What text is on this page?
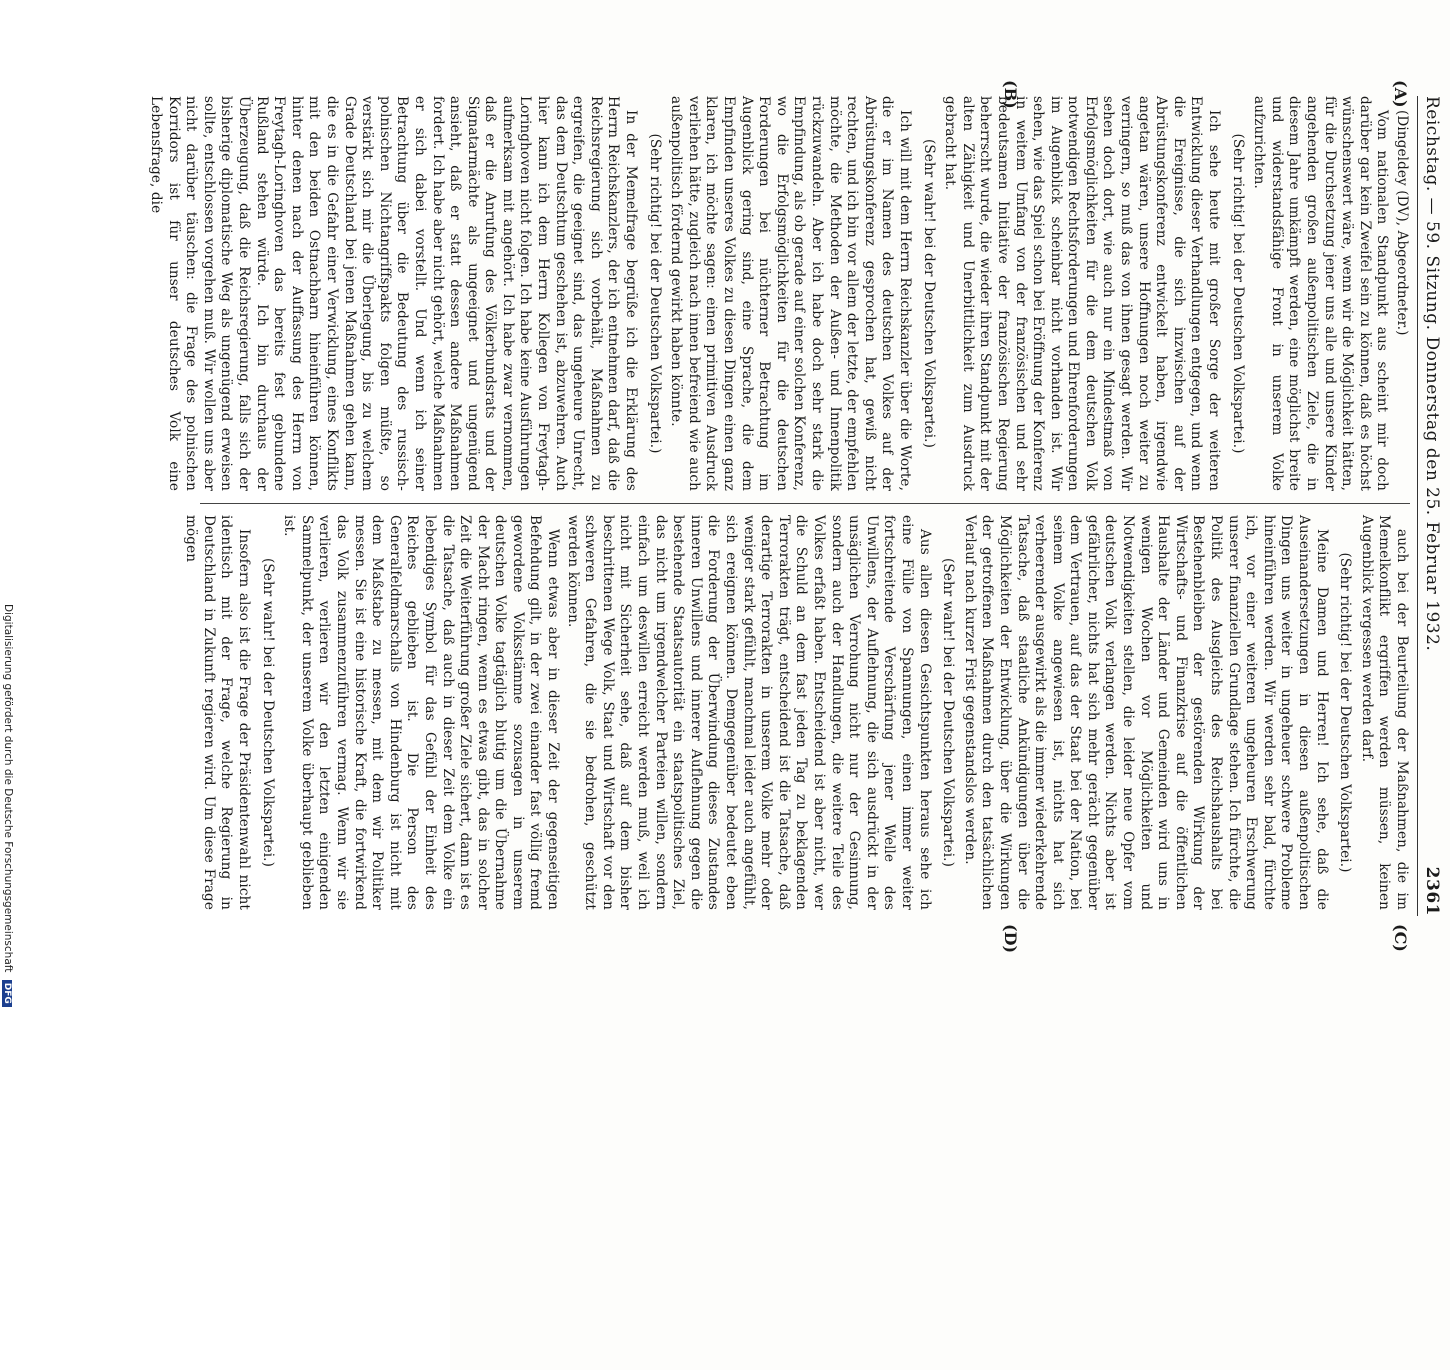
Reichstag. — 59. Sitzung. Donnerstag den 25. Februar 1932.
2361
(A)
(B)
(C)
(D)

(Dingeldey (DV), Abgeordneter.)

Vom nationalen Standpunkt aus scheint mir doch darüber gar kein Zweifel sein zu können, daß es höchst wünschenswert wäre, wenn wir die Möglichkeit hätten, für die Durchsetzung jener uns alle und unsere Kinder angehenden großen außenpolitischen Ziele, die in diesem Jahre umkämpft werden, eine möglichst breite und widerstandsfähige Front in unserem Volke aufzurichten.

(Sehr richtig! bei der Deutschen Volkspartei.)

Ich sehe heute mit großer Sorge der weiteren Entwicklung dieser Verhandlungen entgegen, und wenn die Ereignisse, die sich inzwischen auf der Abrüstungskonferenz entwickelt haben, irgendwie angetan wären, unsere Hoffnungen noch weiter zu verringern, so muß das von ihnen gesagt werden. Wir sehen doch dort, wie auch nur ein Mindestmaß von Erfolgsmöglichkeiten für die dem deutschen Volk notwendigen Rechtsforderungen und Ehrenforderungen im Augenblick scheinbar nicht vorhanden ist. Wir sehen, wie das Spiel schon bei Eröffnung der Konferenz in weitem Umfang von der französischen und sehr bedeutsamen Initiative der französischen Regierung beherrscht wurde, die wieder ihren Standpunkt mit der alten Zähigkeit und Unerbittlichkeit zum Ausdruck gebracht hat.

(Sehr wahr! bei der Deutschen Volkspartei.)

Ich will mit dem Herrn Reichskanzler über die Worte, die er im Namen des deutschen Volkes auf der Abrüstungskonferenz gesprochen hat, gewiß nicht rechten, und ich bin vor allem der letzte, der empfehlen möchte, die Methoden der Außen- und Innenpolitik rückzuwandeln. Aber ich habe doch sehr stark die Empfindung, als ob gerade auf einer solchen Konferenz, wo die Erfolgsmöglichkeiten für die deutschen Forderungen bei nüchterner Betrachtung im Augenblick gering sind, eine Sprache, die dem Empfinden unseres Volkes zu diesen Dingen einen ganz klaren, ich möchte sagen: einen primitiven Ausdruck verliehen hätte, zugleich nach innen befreiend wie auch außenpolitisch fördernd gewirkt haben könnte.

(Sehr richtig! bei der Deutschen Volkspartei.)

In der Memelfrage begrüße ich die Erklärung des Herrn Reichskanzlers, der ich entnehmen darf, daß die Reichsregierung sich vorbehält, Maßnahmen zu ergreifen, die geeignet sind, das ungeheure Unrecht, das dem Deutschtum geschehen ist, abzuwehren. Auch hier kann ich dem Herrn Kollegen von Freytagh-Loringhoven nicht folgen. Ich habe keine Ausführungen aufmerksam mit angehört. Ich habe zwar vernommen, daß er die Anrufung des Völkerbundsrats und der Signatarmächte als ungeeignet und ungenügend ansieht, daß er statt dessen andere Maßnahmen fordert. Ich habe aber nicht gehört, welche Maßnahmen er sich dabei vorstellt. Und wenn ich seiner Betrachtung über die Bedeutung des russisch-polnischen Nichtangriffspakts folgen müßte, so verstärkt sich mir die Überlegung, bis zu welchem Grade Deutschland bei jenen Maßnahmen gehen kann, die es in die Gefahr einer Verwicklung, eines Konflikts mit den beiden Ostnachbarn hineinführen können, hinter denen nach der Auffassung des Herrn von Freytagh-Loringhoven das bereits fest gebundene Rußland stehen würde. Ich bin durchaus der Überzeugung, daß die Reichsregierung, falls sich der bisherige diplomatische Weg als ungenügend erweisen sollte, entschlossen vorgehen muß. Wir wollen uns aber nicht darüber täuschen: die Frage des polnischen Korridors ist für unser deutsches Volk eine Lebensfrage, die

auch bei der Beurteilung der Maßnahmen, die im Memelkonflikt ergriffen werden müssen, keinen Augenblick vergessen werden darf.

(Sehr richtig! bei der Deutschen Volkspartei.)

Meine Damen und Herren! Ich sehe, daß die Auseinandersetzungen in diesen außenpolitischen Dingen uns weiter in ungeheuer schwere Probleme hineinführen werden. Wir werden sehr bald, fürchte ich, vor einer weiteren ungeheuren Erschwerung unserer finanziellen Grundlage stehen. Ich fürchte, die Politik des Ausgleichs des Reichshaushalts bei Bestehenbleiben der gestörenden Wirkung der Wirtschafts- und Finanzkrise auf die öffentlichen Haushalte der Länder und Gemeinden wird uns in wenigen Wochen vor Möglichkeiten und Notwendigkeiten stellen, die leider neue Opfer vom deutschen Volk verlangen werden. Nichts aber ist gefährlicher, nichts hat sich mehr gerächt gegenüber dem Vertrauen, auf das der Staat bei der Nation, bei seinem Volke angewiesen ist, nichts hat sich verheerender ausgewirkt als die immer wiederkehrende Tatsache, daß staatliche Ankündigungen über die Möglichkeiten der Entwicklung, über die Wirkungen der getroffenen Maßnahmen durch den tatsächlichen Verlauf nach kurzer Frist gegenstandslos werden.

(Sehr wahr! bei der Deutschen Volkspartei.)

Aus allen diesen Gesichtspunkten heraus sehe ich eine Fülle von Spannungen, einen immer weiter fortschreitende Verschärfung jener Welle des Unwillens, der Auflehnung, die sich ausdrückt in der unsäglichen Verrohung nicht nur der Gesinnung, sondern auch der Handlungen, die weitere Teile des Volkes erfaßt haben. Entscheidend ist aber nicht, wer die Schuld an dem fast jeden Tag zu beklagenden Terrorakten trägt, entscheidend ist die Tatsache, daß derartige Terrorakten in unserem Volke mehr oder weniger stark gefühlt, manchmal leider auch angefühlt, sich ereignen können. Demgegenüber bedeutet eben die Forderung der Überwindung dieses Zustandes inneren Unwillens und innerer Auflehnung gegen die bestehende Staatsautorität ein staatspolitisches Ziel, das nicht um irgendwelcher Parteien willen, sondern einfach um deswillen erreicht werden muß, weil ich nicht mit Sicherheit sehe, daß auf dem bisher beschrittenen Wege Volk, Staat und Wirtschaft vor den schweren Gefahren, die sie bedrohen, geschützt werden können.

Wenn etwas aber in dieser Zeit der gegenseitigen Befehdung gilt, in der zwei einander fast völlig fremd gewordene Volksstämme sozusagen in unserem deutschen Volke tagtäglich blutig um die Übernahme der Macht ringen, wenn es etwas gibt, das in solcher Zeit die Weiterführung großer Ziele sichert, dann ist es die Tatsache, daß auch in dieser Zeit dem Volke ein lebendiges Symbol für das Gefühl der Einheit des Reiches geblieben ist. Die Person des Generalfeldmarschalls von Hindenburg ist nicht mit dem Maßstabe zu messen, mit dem wir Politiker messen. Sie ist eine historische Kraft, die fortwirkend das Volk zusammenzuführen vermag. Wenn wir sie verlieren, verlieren wir den letzten einigenden Sammelpunkt, der unserem Volke überhaupt geblieben ist.

(Sehr wahr! bei der Deutschen Volkspartei.)

Insofern also ist die Frage der Präsidentenwahl nicht identisch mit der Frage, welche Regierung in Deutschland in Zukunft regieren wird. Um diese Frage mögen

Digitalisierung gefördert durch die Deutsche Forschungsgemeinschaft DFG
